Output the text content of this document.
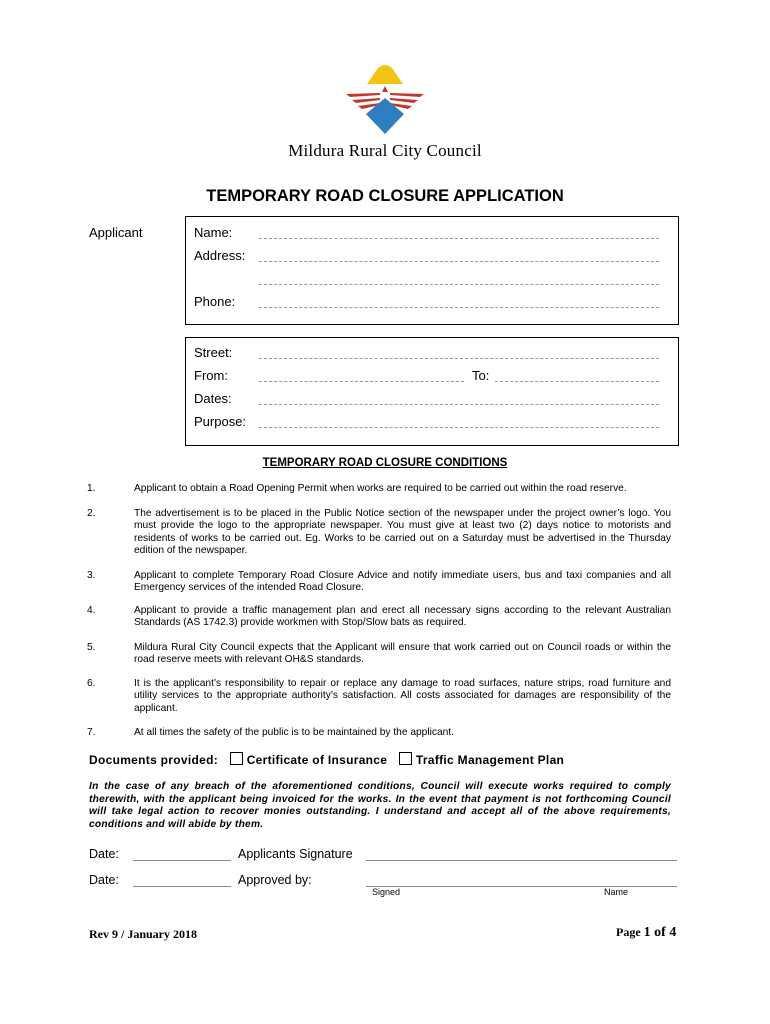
Mildura Rural City Council
TEMPORARY ROAD CLOSURE APPLICATION
Applicant	Name:
Address:
Phone:
Street:
From:	To:
Dates:
Purpose:
TEMPORARY ROAD CLOSURE CONDITIONS
1.	Applicant to obtain a Road Opening Permit when works are required to be carried out within the road reserve.
2.	The advertisement is to be placed in the Public Notice section of the newspaper under the project owner’s logo. You must provide the logo to the appropriate newspaper. You must give at least two (2) days notice to motorists and residents of works to be carried out. Eg. Works to be carried out on a Saturday must be advertised in the Thursday edition of the newspaper.
3.	Applicant to complete Temporary Road Closure Advice and notify immediate users, bus and taxi companies and all Emergency services of the intended Road Closure.
4.	Applicant to provide a traffic management plan and erect all necessary signs according to the relevant Australian Standards (AS 1742.3) provide workmen with Stop/Slow bats as required.
5.	Mildura Rural City Council expects that the Applicant will ensure that work carried out on Council roads or within the road reserve meets with relevant OH&S standards.
6.	It is the applicant’s responsibility to repair or replace any damage to road surfaces, nature strips, road furniture and utility services to the appropriate authority’s satisfaction. All costs associated for damages are responsibility of the applicant.
7.	At all times the safety of the public is to be maintained by the applicant.
Documents provided: Certificate of Insurance Traffic Management Plan
In the case of any breach of the aforementioned conditions, Council will execute works required to comply therewith, with the applicant being invoiced for the works. In the event that payment is not forthcoming Council will take legal action to recover monies outstanding. I understand and accept all of the above requirements, conditions and will abide by them.
Date:	Applicants Signature
Date:	Approved by:
Signed	Name
Rev 9 / January 2018	Page 1 of 4
